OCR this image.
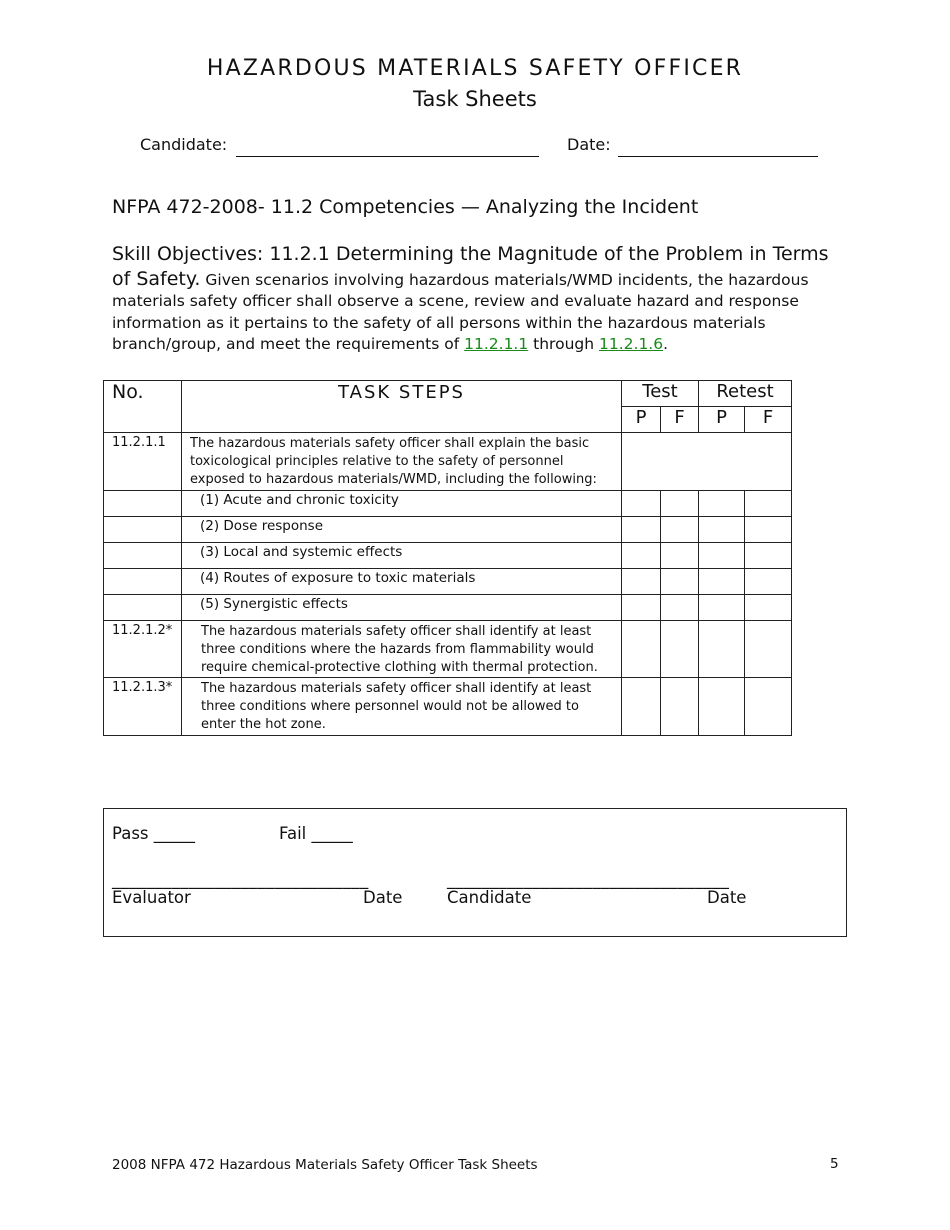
HAZARDOUS MATERIALS SAFETY OFFICER
Task Sheets
Candidate:	Date:
NFPA 472-2008- 11.2 Competencies — Analyzing the Incident
Skill Objectives: 11.2.1 Determining the Magnitude of the Problem in Terms of Safety. Given scenarios involving hazardous materials/WMD incidents, the hazardous materials safety officer shall observe a scene, review and evaluate hazard and response information as it pertains to the safety of all persons within the hazardous materials branch/group, and meet the requirements of 11.2.1.1 through 11.2.1.6.
No.	TASK STEPS	Test		Retest	
		P	F	P	F
11.2.1.1	The hazardous materials safety officer shall explain the basic toxicological principles relative to the safety of personnel exposed to hazardous materials/WMD, including the following:				
	(1) Acute and chronic toxicity				
	(2) Dose response				
	(3) Local and systemic effects				
	(4) Routes of exposure to toxic materials				
	(5) Synergistic effects				
11.2.1.2*	The hazardous materials safety officer shall identify at least three conditions where the hazards from flammability would require chemical-protective clothing with thermal protection.				
11.2.1.3*	The hazardous materials safety officer shall identify at least three conditions where personnel would not be allowed to enter the hot zone.				
Pass _____	Fail _____
______________________________	_________________________________
Evaluator	Date	Candidate	Date
2008 NFPA 472 Hazardous Materials Safety Officer Task Sheets	5
